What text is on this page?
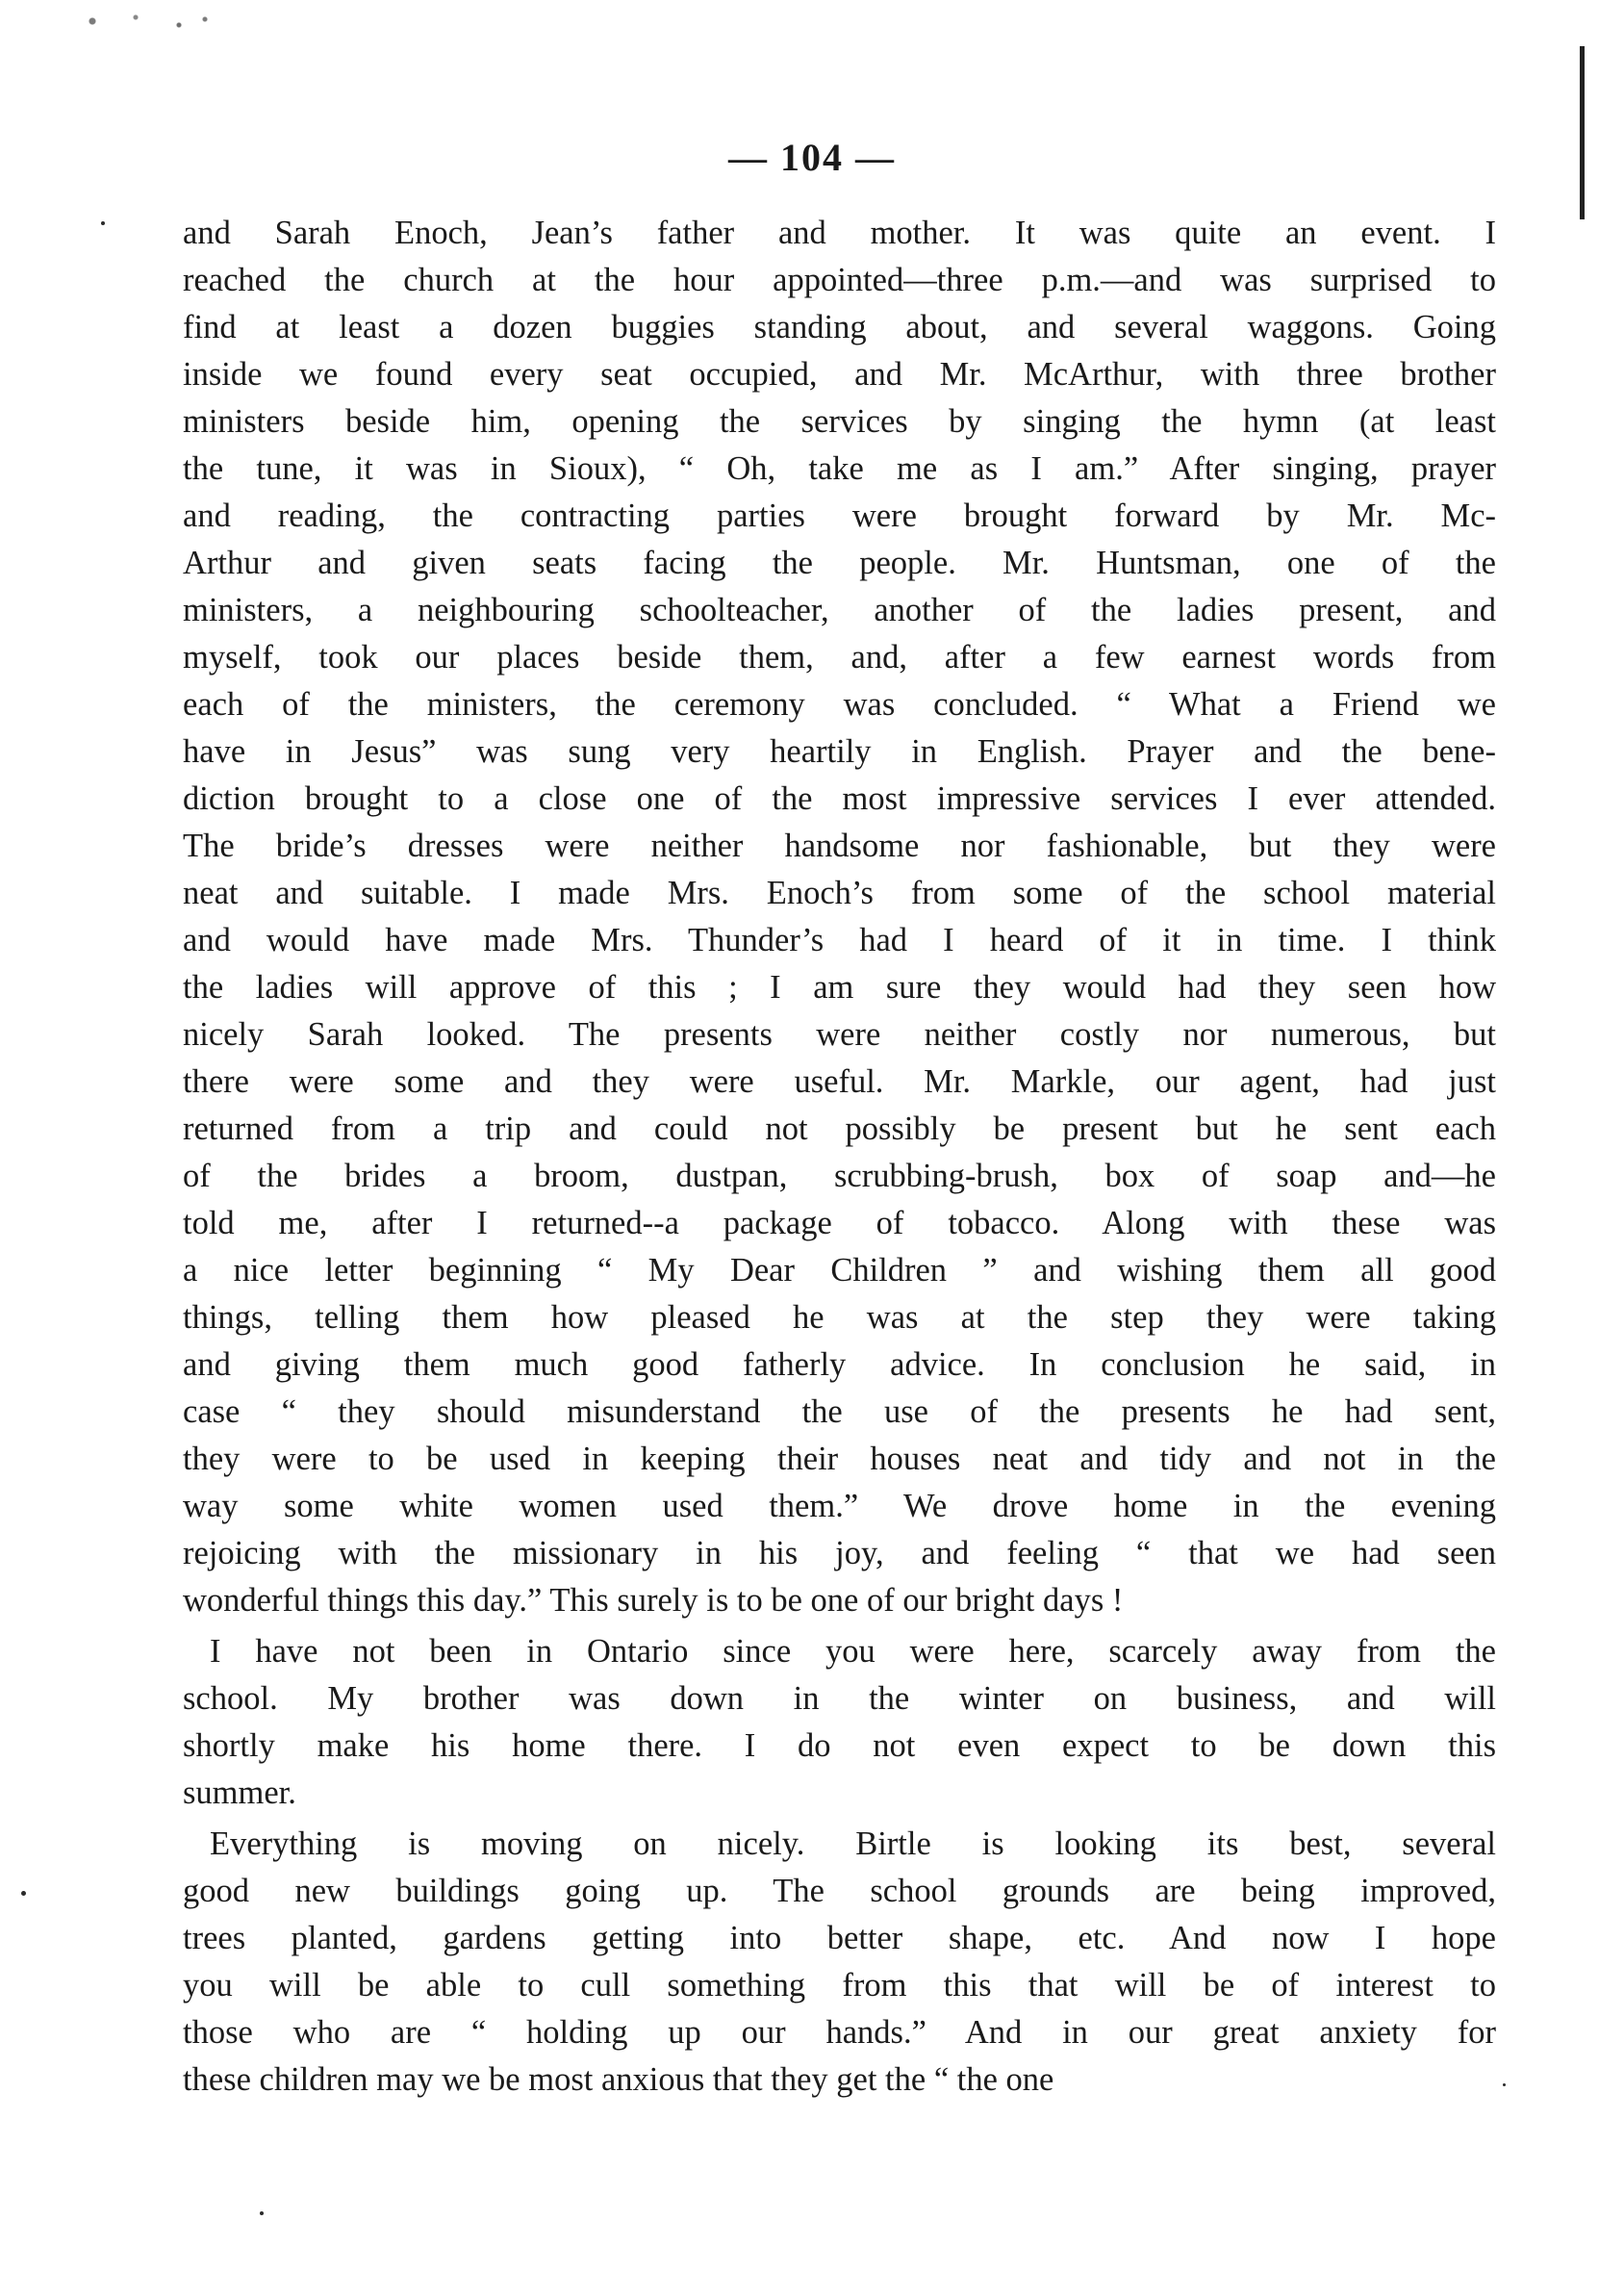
— 104 —
and Sarah Enoch, Jean’s father and mother. It was quite an event. I
reached the church at the hour appointed—three p.m.—and was surprised to
find at least a dozen buggies standing about, and several waggons. Going
inside we found every seat occupied, and Mr. McArthur, with three brother
ministers beside him, opening the services by singing the hymn (at least
the tune, it was in Sioux), “ Oh, take me as I am.” After singing, prayer
and reading, the contracting parties were brought forward by Mr. Mc-
Arthur and given seats facing the people. Mr. Huntsman, one of the
ministers, a neighbouring schoolteacher, another of the ladies present, and
myself, took our places beside them, and, after a few earnest words from
each of the ministers, the ceremony was concluded. “ What a Friend we
have in Jesus” was sung very heartily in English. Prayer and the bene-
diction brought to a close one of the most impressive services I ever attended.
The bride’s dresses were neither handsome nor fashionable, but they were
neat and suitable. I made Mrs. Enoch’s from some of the school material
and would have made Mrs. Thunder’s had I heard of it in time. I think
the ladies will approve of this ; I am sure they would had they seen how
nicely Sarah looked. The presents were neither costly nor numerous, but
there were some and they were useful. Mr. Markle, our agent, had just
returned from a trip and could not possibly be present but he sent each
of the brides a broom, dustpan, scrubbing-brush, box of soap and—he
told me, after I returned--a package of tobacco. Along with these was
a nice letter beginning “ My Dear Children ” and wishing them all good
things, telling them how pleased he was at the step they were taking
and giving them much good fatherly advice. In conclusion he said, in
case “ they should misunderstand the use of the presents he had sent,
they were to be used in keeping their houses neat and tidy and not in the
way some white women used them.” We drove home in the evening
rejoicing with the missionary in his joy, and feeling “ that we had seen
wonderful things this day.” This surely is to be one of our bright days !
I have not been in Ontario since you were here, scarcely away from the
school. My brother was down in the winter on business, and will
shortly make his home there. I do not even expect to be down this
summer.
Everything is moving on nicely. Birtle is looking its best, several
good new buildings going up. The school grounds are being improved,
trees planted, gardens getting into better shape, etc. And now I hope
you will be able to cull something from this that will be of interest to
those who are “ holding up our hands.” And in our great anxiety for
these children may we be most anxious that they get the “ the one
